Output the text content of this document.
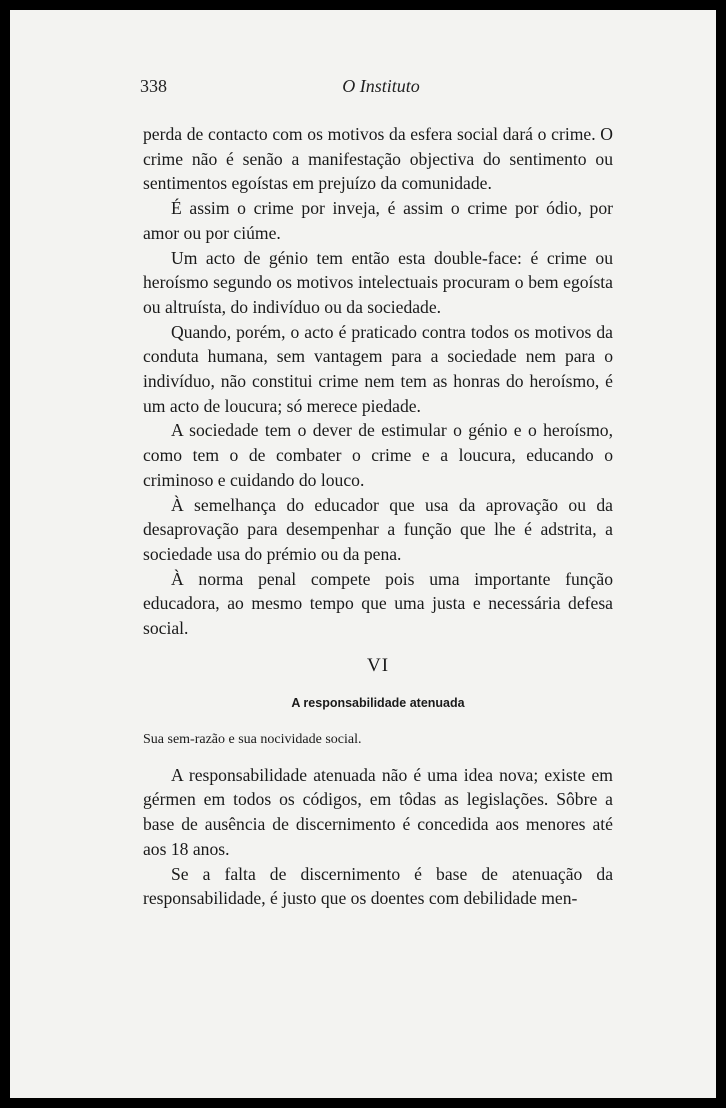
338	O Instituto

perda de contacto com os motivos da esfera social dará o crime. O crime não é senão a manifestação objectiva do sentimento ou sentimentos egoístas em prejuízo da comunidade.

É assim o crime por inveja, é assim o crime por ódio, por amor ou por ciúme.

Um acto de génio tem então esta double-face: é crime ou heroísmo segundo os motivos intelectuais procuram o bem egoísta ou altruísta, do indivíduo ou da sociedade.

Quando, porém, o acto é praticado contra todos os motivos da conduta humana, sem vantagem para a sociedade nem para o indivíduo, não constitui crime nem tem as honras do heroísmo, é um acto de loucura; só merece piedade.

A sociedade tem o dever de estimular o génio e o heroísmo, como tem o de combater o crime e a loucura, educando o criminoso e cuidando do louco.

À semelhança do educador que usa da aprovação ou da desaprovação para desempenhar a função que lhe é adstrita, a sociedade usa do prémio ou da pena.

À norma penal compete pois uma importante função educadora, ao mesmo tempo que uma justa e necessária defesa social.

VI
A responsabilidade atenuada
Sua sem-razão e sua nocividade social.

A responsabilidade atenuada não é uma idea nova; existe em gérmen em todos os códigos, em tôdas as legislações. Sôbre a base de ausência de discernimento é concedida aos menores até aos 18 anos.

Se a falta de discernimento é base de atenuação da responsabilidade, é justo que os doentes com debilidade men-
